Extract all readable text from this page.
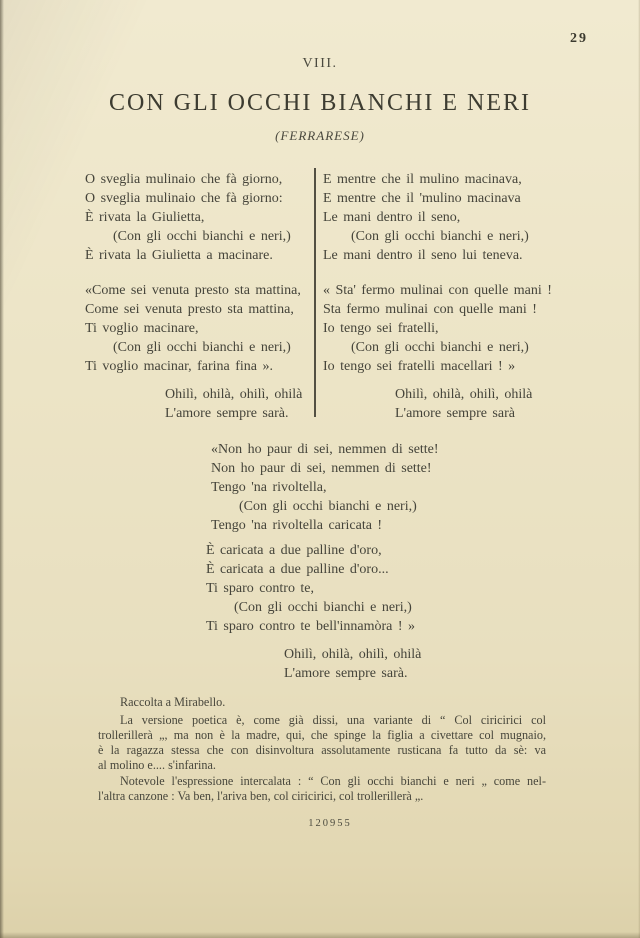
29
VIII.
CON GLI OCCHI BIANCHI E NERI
(FERRARESE)
O sveglia mulinaio che fà giorno,
O sveglia mulinaio che fà giorno:
È rivata la Giulietta,
(Con gli occhi bianchi e neri,)
È rivata la Giulietta a macinare.
E mentre che il mulino macinava,
E mentre che il 'mulino macinava
Le mani dentro il seno,
(Con gli occhi bianchi e neri,)
Le mani dentro il seno lui teneva.
«Come sei venuta presto sta mattina,
Come sei venuta presto sta mattina,
Ti voglio macinare,
(Con gli occhi bianchi e neri,)
Ti voglio macinar, farina fina ».
« Sta' fermo mulinai con quelle mani !
Sta fermo mulinai con quelle mani !
Io tengo sei fratelli,
(Con gli occhi bianchi e neri,)
Io tengo sei fratelli macellari ! »
Ohilì, ohilà, ohilì, ohilà
L'amore sempre sarà.
Ohilì, ohilà, ohilì, ohilà
L'amore sempre sarà
«Non ho paur di sei, nemmen di sette!
Non ho paur di sei, nemmen di sette!
Tengo 'na rivoltella,
(Con gli occhi bianchi e neri,)
Tengo 'na rivoltella caricata !
È caricata a due palline d'oro,
È caricata a due palline d'oro...
Ti sparo contro te,
(Con gli occhi bianchi e neri,)
Ti sparo contro te bell'innamòra ! »
Ohilì, ohilà, ohilì, ohilà
L'amore sempre sarà.
Raccolta a Mirabello.
La versione poetica è, come già dissi, una variante di “ Col ciricirici col
trollerillerà „, ma non è la madre, qui, che spinge la figlia a civettare col mugnaio,
è la ragazza stessa che con disinvoltura assolutamente rusticana fa tutto da sè: va
al molino e.... s'infarina.
Notevole l'espressione intercalata : “ Con gli occhi bianchi e neri „ come nel-
l'altra canzone : Va ben, l'ariva ben, col ciricirici, col trollerillerà „.
120955
